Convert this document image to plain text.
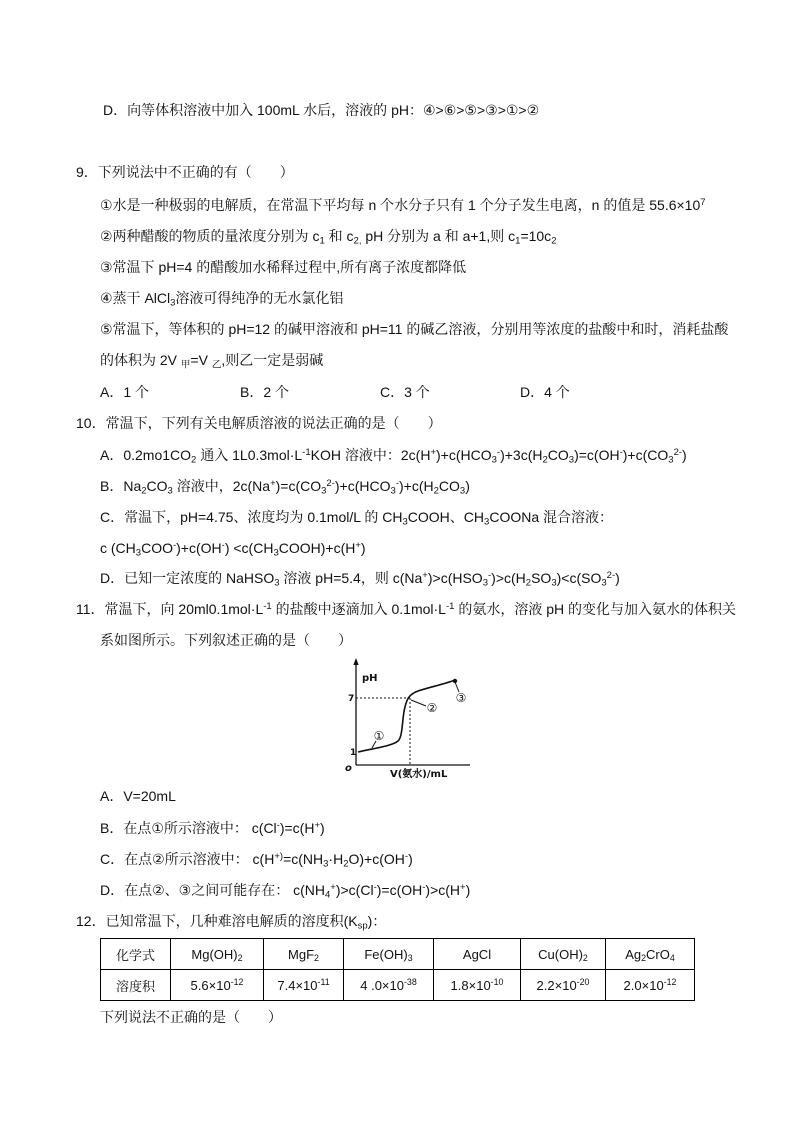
D．向等体积溶液中加入 100mL 水后，溶液的 pH：④>⑥>⑤>③>①>②
9．下列说法中不正确的有（　　）
①水是一种极弱的电解质，在常温下平均每 n 个水分子只有 1 个分子发生电离，n 的值是 $55.6\times 10^7$
②两种醋酸的物质的量浓度分别为 $c_1$ 和 $c_{2,}$ pH 分别为 a 和 a+1,则 $c_1=10c_2$
③常温下 pH=4 的醋酸加水稀释过程中,所有离子浓度都降低
④蒸干 AlCl$_3$溶液可得纯净的无水氯化铝
⑤常温下，等体积的 pH=12 的碱甲溶液和 pH=11 的碱乙溶液，分别用等浓度的盐酸中和时，消耗盐酸
的体积为 2V $_甲$=V $_乙$,则乙一定是弱碱
A．1 个	B．2 个	C．3 个	D．4 个
10．常温下，下列有关电解质溶液的说法正确的是（　　）
A．$0.2mo1CO_2$ 通入 $1L0.3mol\cdot L^{-1}KOH$ 溶液中：$2c(H^+)+c(HCO_3^-)+3c(H_2CO_3)=c(OH^-)+c(CO_3^{2-})$
B．$Na_2CO_3$ 溶液中，$2c(Na^+)=c(CO_3^{2-})+c(HCO_3^-)+c(H_2CO_3)$
C．常温下，pH=4.75、浓度均为 0.1mol/L 的 $CH_3COOH$、$CH_3COONa$ 混合溶液：
c $(CH_3COO^-)+c(OH^-)$ $<c(CH_3COOH)+c(H^+)$
D．已知一定浓度的 NaHSO$_3$ 溶液 pH=5.4，则 $c(Na^+)>c(HSO_3^-)>c(H_2SO_3)<c(SO_3^{2-})$
11．常温下，向 $20ml0.1mol\cdot L^{-1}$ 的盐酸中逐滴加入 $0.1mol\cdot L^{-1}$ 的氨水，溶液 pH 的变化与加入氨水的体积关
系如图所示。下列叙述正确的是（　　）
pH
7
1
o
V(氨水)/mL
①
②
③
A．V=20mL
B．在点①所示溶液中： c(Cl-)=c(H+)
C．在点②所示溶液中： $c(H^{+)}=c(NH_3\cdot H_2O)+c(OH^-)$
D．在点②、③之间可能存在： $c(NH_4^+)>c(Cl^-)=c(OH^-)>c(H^+)$
12．已知常温下，几种难溶电解质的溶度积$(K_{sp})$：
化学式	$Mg(OH)_2$	MgF$_2$	$Fe(OH)_3$	AgCl	$Cu(OH)_2$	$Ag_2CrO_4$
溶度积	$5.6\times 10^{-12}$	$7.4\times 10^{-11}$	4 $.0\times 10^{-38}$	$1.8\times 10^{-10}$	$2.2\times 10^{-20}$	$2.0\times 10^{-12}$
下列说法不正确的是（　　）
